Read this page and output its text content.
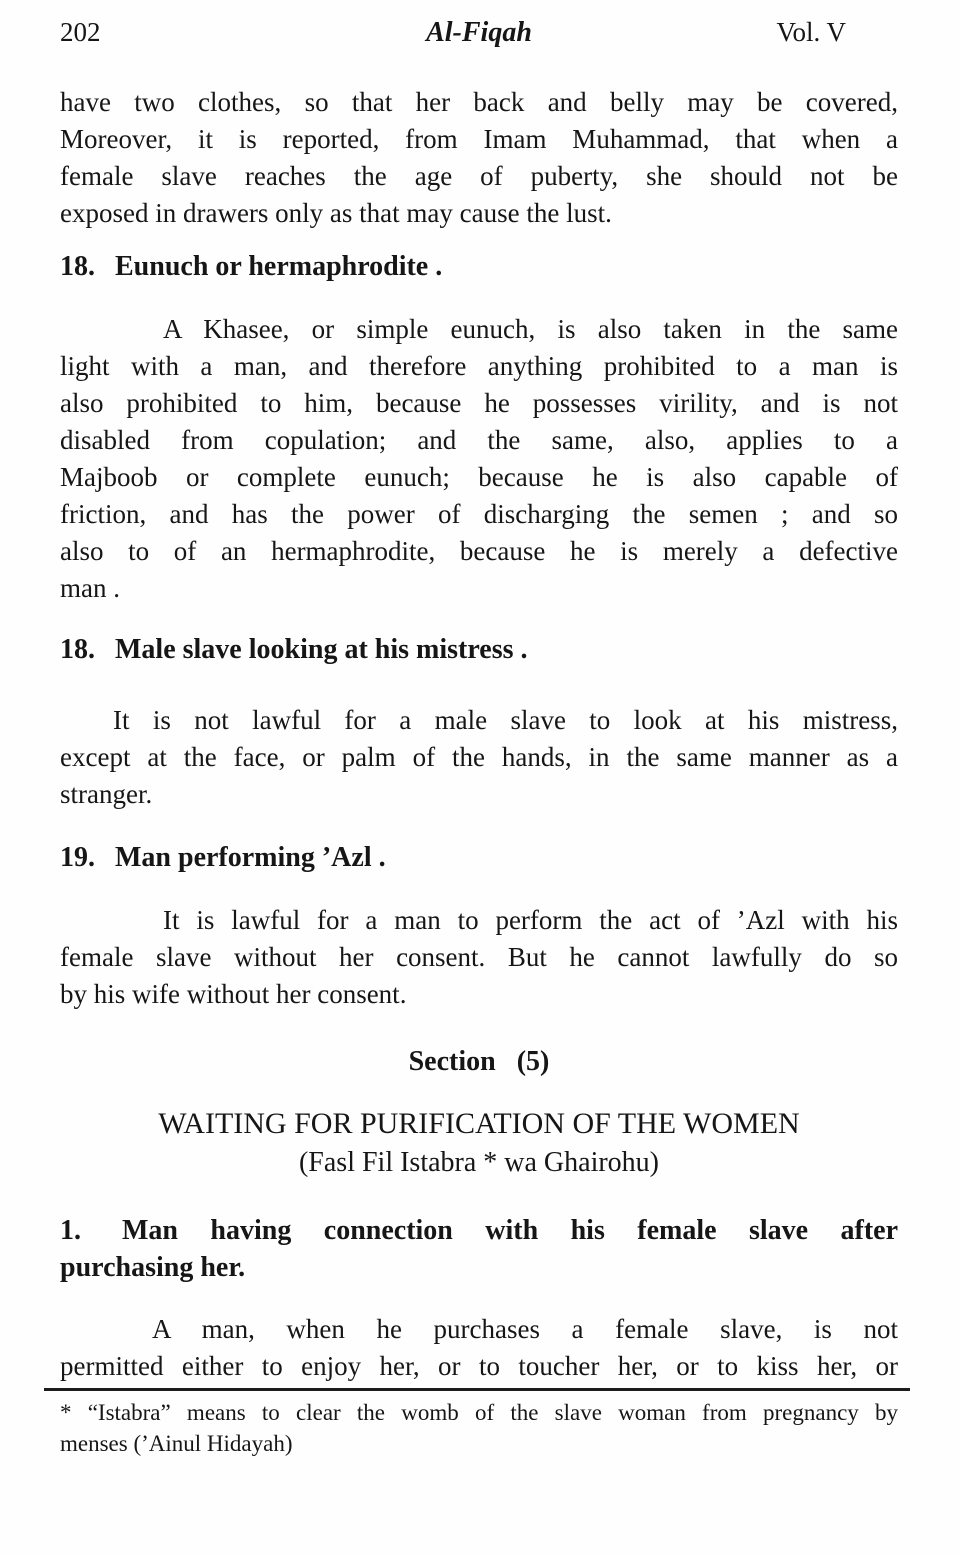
202	Al-Fiqah	Vol. V
have two clothes, so that her back and belly may be covered,
Moreover, it is reported, from Imam Muhammad, that when a
female slave reaches the age of puberty, she should not be
exposed in drawers only as that may cause the lust.
18. Eunuch or hermaphrodite .
A Khasee, or simple eunuch, is also taken in the same
light with a man, and therefore anything prohibited to a man is
also prohibited to him, because he possesses virility, and is not
disabled from copulation; and the same, also, applies to a
Majboob or complete eunuch; because he is also capable of
friction, and has the power of discharging the semen ; and so
also to of an hermaphrodite, because he is merely a defective
man .
18. Male slave looking at his mistress .
It is not lawful for a male slave to look at his mistress,
except at the face, or palm of the hands, in the same manner as a
stranger.
19. Man performing ’Azl .
It is lawful for a man to perform the act of ’Azl with his
female slave without her consent. But he cannot lawfully do so
by his wife without her consent.
Section   (5)
WAITING FOR PURIFICATION OF THE WOMEN
(Fasl Fil Istabra * wa Ghairohu)
1.	Man having connection with his female slave after
purchasing her.
A man, when he purchases a female slave, is not
permitted either to enjoy her, or to toucher her, or to kiss her, or
* “Istabra” means to clear the womb of the slave woman from pregnancy by
menses (’Ainul Hidayah)
